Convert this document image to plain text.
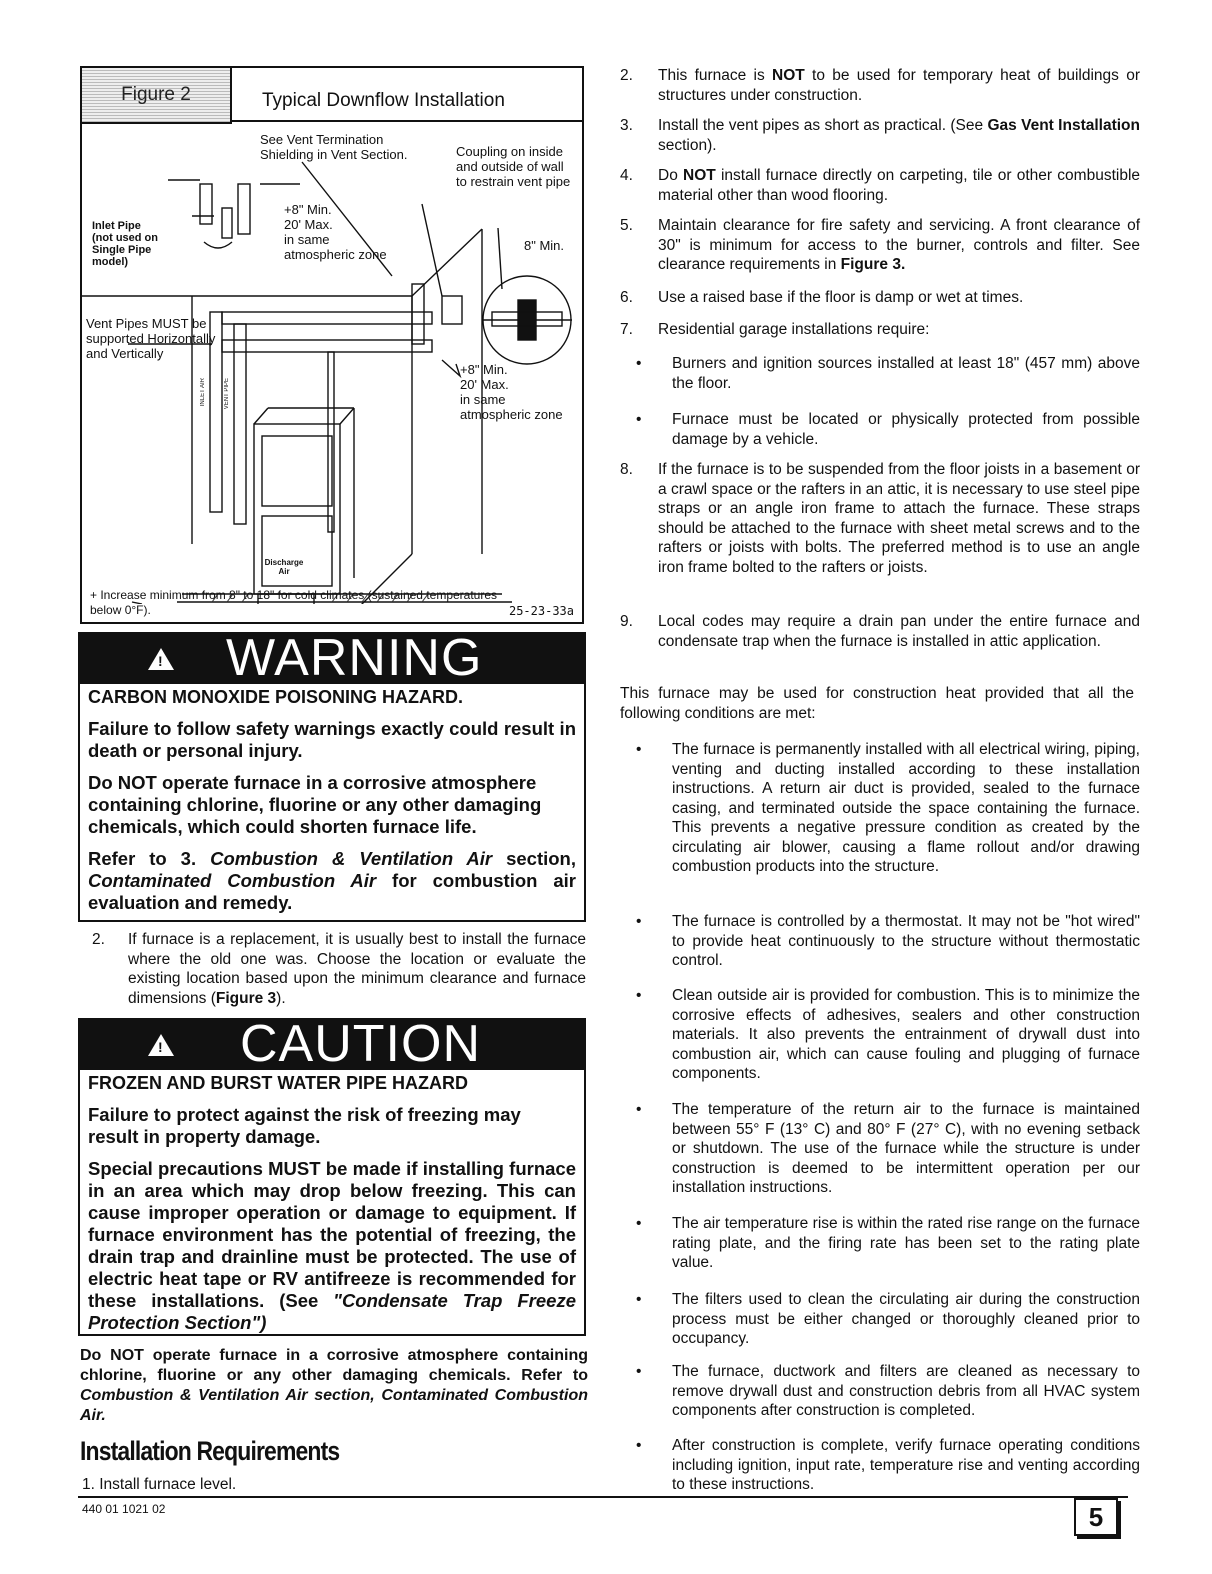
Figure 2	Typical Downflow Installation
See Vent Termination
Shielding in Vent Section.	Coupling on inside
and outside of wall
to restrain vent pipe
Inlet Pipe
(not used on
Single Pipe
model)
+8" Min.
20' Max.
in same
atmospheric zone
8" Min.
Vent Pipes MUST be
supported Horizontally
and Vertically
+8" Min.
20' Max.
in same
atmospheric zone
INLET AIR	VENT PIPE
Discharge
Air
+ Increase minimum from 8" to 18" for cold climates (sustained temperatures
below 0°F).	25-23-33a
! WARNING

CARBON MONOXIDE POISONING HAZARD.

Failure to follow safety warnings exactly could result in death or personal injury.

Do NOT operate furnace in a corrosive atmosphere containing chlorine, fluorine or any other damaging chemicals, which could shorten furnace life.

Refer to 3. Combustion & Ventilation Air section, Contaminated Combustion Air for combustion air evaluation and remedy.

2. If furnace is a replacement, it is usually best to install the furnace where the old one was. Choose the location or evaluate the existing location based upon the minimum clearance and furnace dimensions (Figure 3).
! CAUTION

FROZEN AND BURST WATER PIPE HAZARD

Failure to protect against the risk of freezing may result in property damage.

Special precautions MUST be made if installing furnace in an area which may drop below freezing. This can cause improper operation or damage to equipment. If furnace environment has the potential of freezing, the drain trap and drainline must be protected. The use of electric heat tape or RV antifreeze is recommended for these installations. (See "Condensate Trap Freeze Protection Section")

Do NOT operate furnace in a corrosive atmosphere containing chlorine, fluorine or any other damaging chemicals. Refer to Combustion & Ventilation Air section, Contaminated Combustion Air.
Installation Requirements
1. Install furnace level.
440 01 1021 02	5
2. This furnace is NOT to be used for temporary heat of buildings or structures under construction.
3. Install the vent pipes as short as practical. (See Gas Vent Installation section).
4. Do NOT install furnace directly on carpeting, tile or other combustible material other than wood flooring.
5. Maintain clearance for fire safety and servicing. A front clearance of 30" is minimum for access to the burner, controls and filter. See clearance requirements in Figure 3.
6. Use a raised base if the floor is damp or wet at times.
7. Residential garage installations require:
• Burners and ignition sources installed at least 18" (457 mm) above the floor.
• Furnace must be located or physically protected from possible damage by a vehicle.
8. If the furnace is to be suspended from the floor joists in a basement or a crawl space or the rafters in an attic, it is necessary to use steel pipe straps or an angle iron frame to attach the furnace. These straps should be attached to the furnace with sheet metal screws and to the rafters or joists with bolts. The preferred method is to use an angle iron frame bolted to the rafters or joists.
9. Local codes may require a drain pan under the entire furnace and condensate trap when the furnace is installed in attic application.
This furnace may be used for construction heat provided that all the following conditions are met:
• The furnace is permanently installed with all electrical wiring, piping, venting and ducting installed according to these installation instructions. A return air duct is provided, sealed to the furnace casing, and terminated outside the space containing the furnace. This prevents a negative pressure condition as created by the circulating air blower, causing a flame rollout and/or drawing combustion products into the structure.
• The furnace is controlled by a thermostat. It may not be "hot wired" to provide heat continuously to the structure without thermostatic control.
• Clean outside air is provided for combustion. This is to minimize the corrosive effects of adhesives, sealers and other construction materials. It also prevents the entrainment of drywall dust into combustion air, which can cause fouling and plugging of furnace components.
• The temperature of the return air to the furnace is maintained between 55° F (13° C) and 80° F (27° C), with no evening setback or shutdown. The use of the furnace while the structure is under construction is deemed to be intermittent operation per our installation instructions.
• The air temperature rise is within the rated rise range on the furnace rating plate, and the firing rate has been set to the rating plate value.
• The filters used to clean the circulating air during the construction process must be either changed or thoroughly cleaned prior to occupancy.
• The furnace, ductwork and filters are cleaned as necessary to remove drywall dust and construction debris from all HVAC system components after construction is completed.
• After construction is complete, verify furnace operating conditions including ignition, input rate, temperature rise and venting according to these instructions.
